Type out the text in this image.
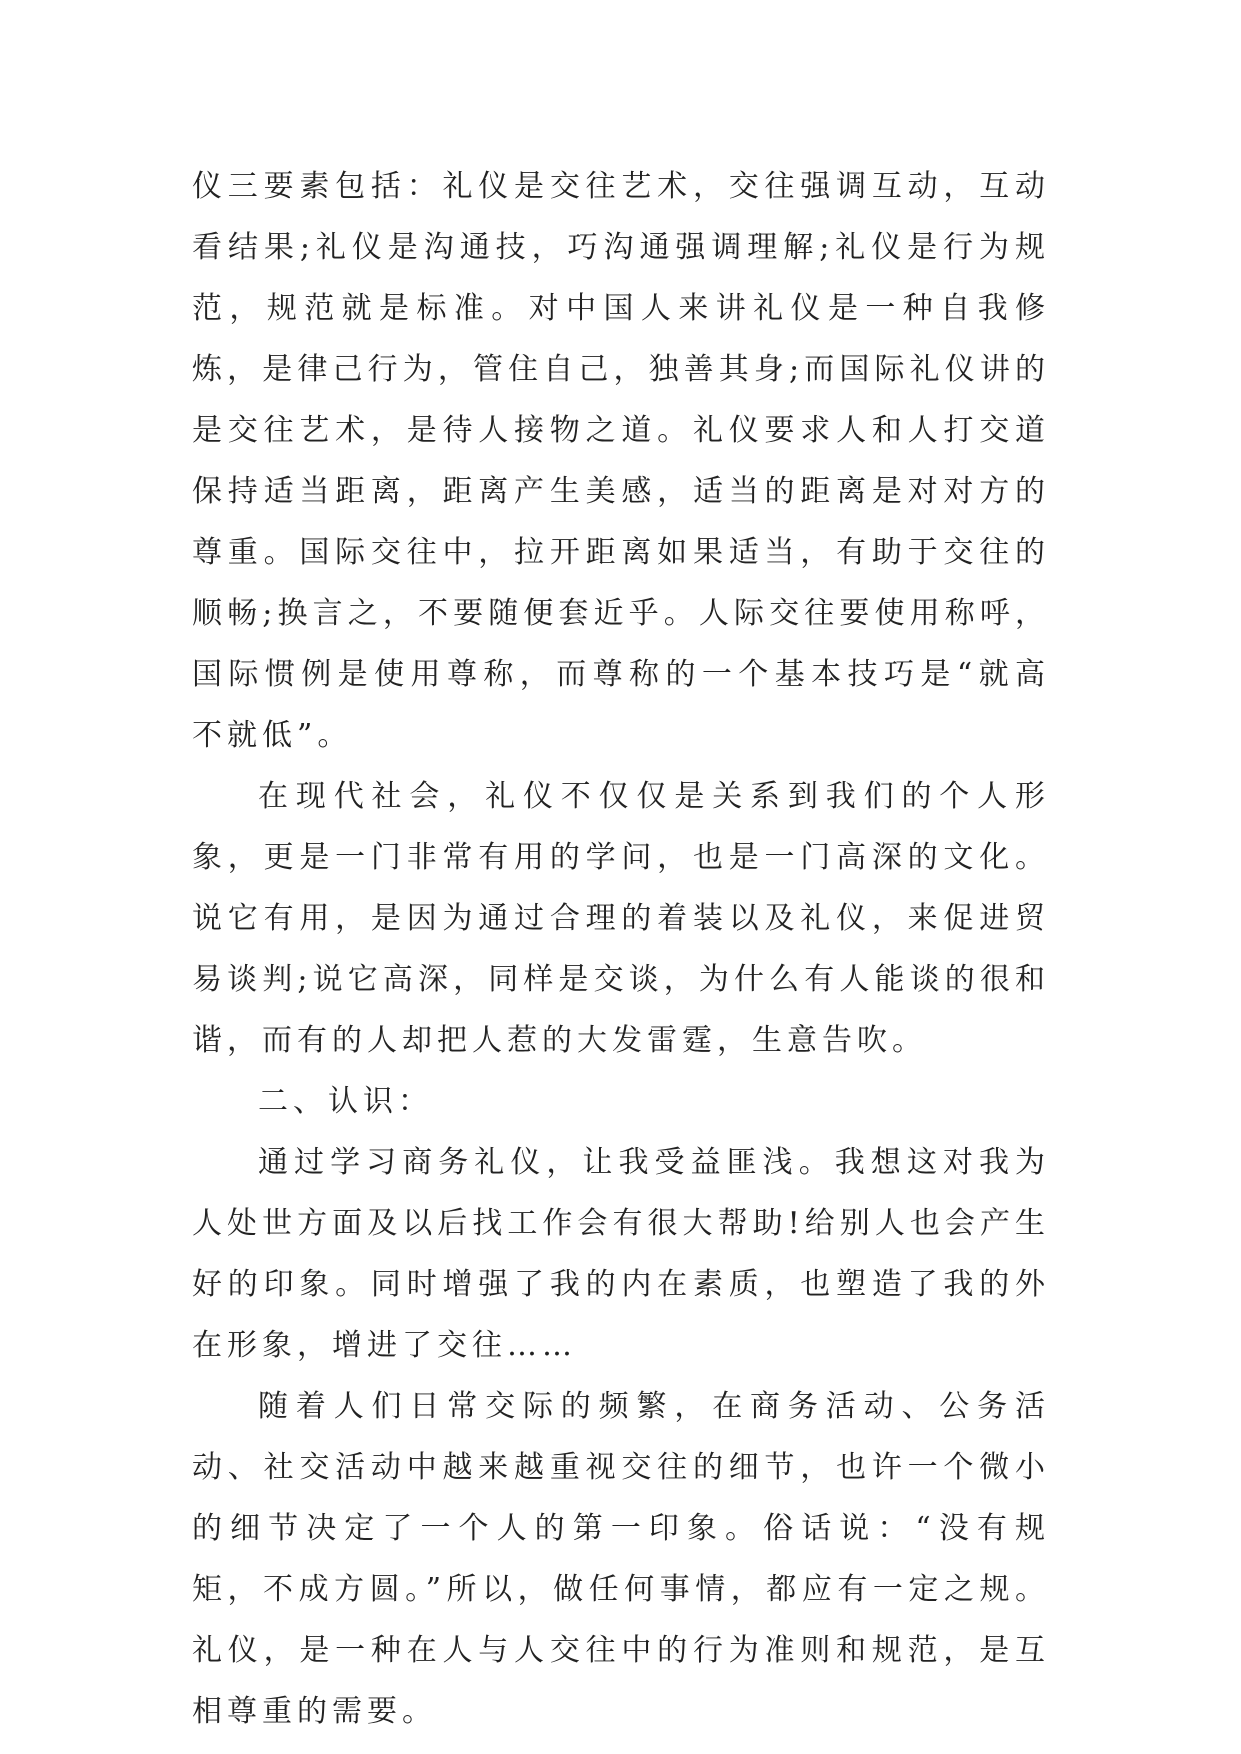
仪三要素包括：礼仪是交往艺术，交往强调互动，互动看结果;礼仪是沟通技，巧沟通强调理解;礼仪是行为规范，规范就是标准。对中国人来讲礼仪是一种自我修炼，是律己行为，管住自己，独善其身;而国际礼仪讲的是交往艺术，是待人接物之道。礼仪要求人和人打交道保持适当距离，距离产生美感，适当的距离是对对方的尊重。国际交往中，拉开距离如果适当，有助于交往的顺畅;换言之，不要随便套近乎。人际交往要使用称呼，国际惯例是使用尊称，而尊称的一个基本技巧是“就高不就低”。

在现代社会，礼仪不仅仅是关系到我们的个人形象，更是一门非常有用的学问，也是一门高深的文化。说它有用，是因为通过合理的着装以及礼仪，来促进贸易谈判;说它高深，同样是交谈，为什么有人能谈的很和谐，而有的人却把人惹的大发雷霆，生意告吹。

二、认识：

通过学习商务礼仪，让我受益匪浅。我想这对我为人处世方面及以后找工作会有很大帮助!给别人也会产生好的印象。同时增强了我的内在素质，也塑造了我的外在形象，增进了交往……

随着人们日常交际的频繁，在商务活动、公务活动、社交活动中越来越重视交往的细节，也许一个微小的细节决定了一个人的第一印象。俗话说：“没有规矩，不成方圆。”所以，做任何事情，都应有一定之规。礼仪，是一种在人与人交往中的行为准则和规范，是互相尊重的需要。
